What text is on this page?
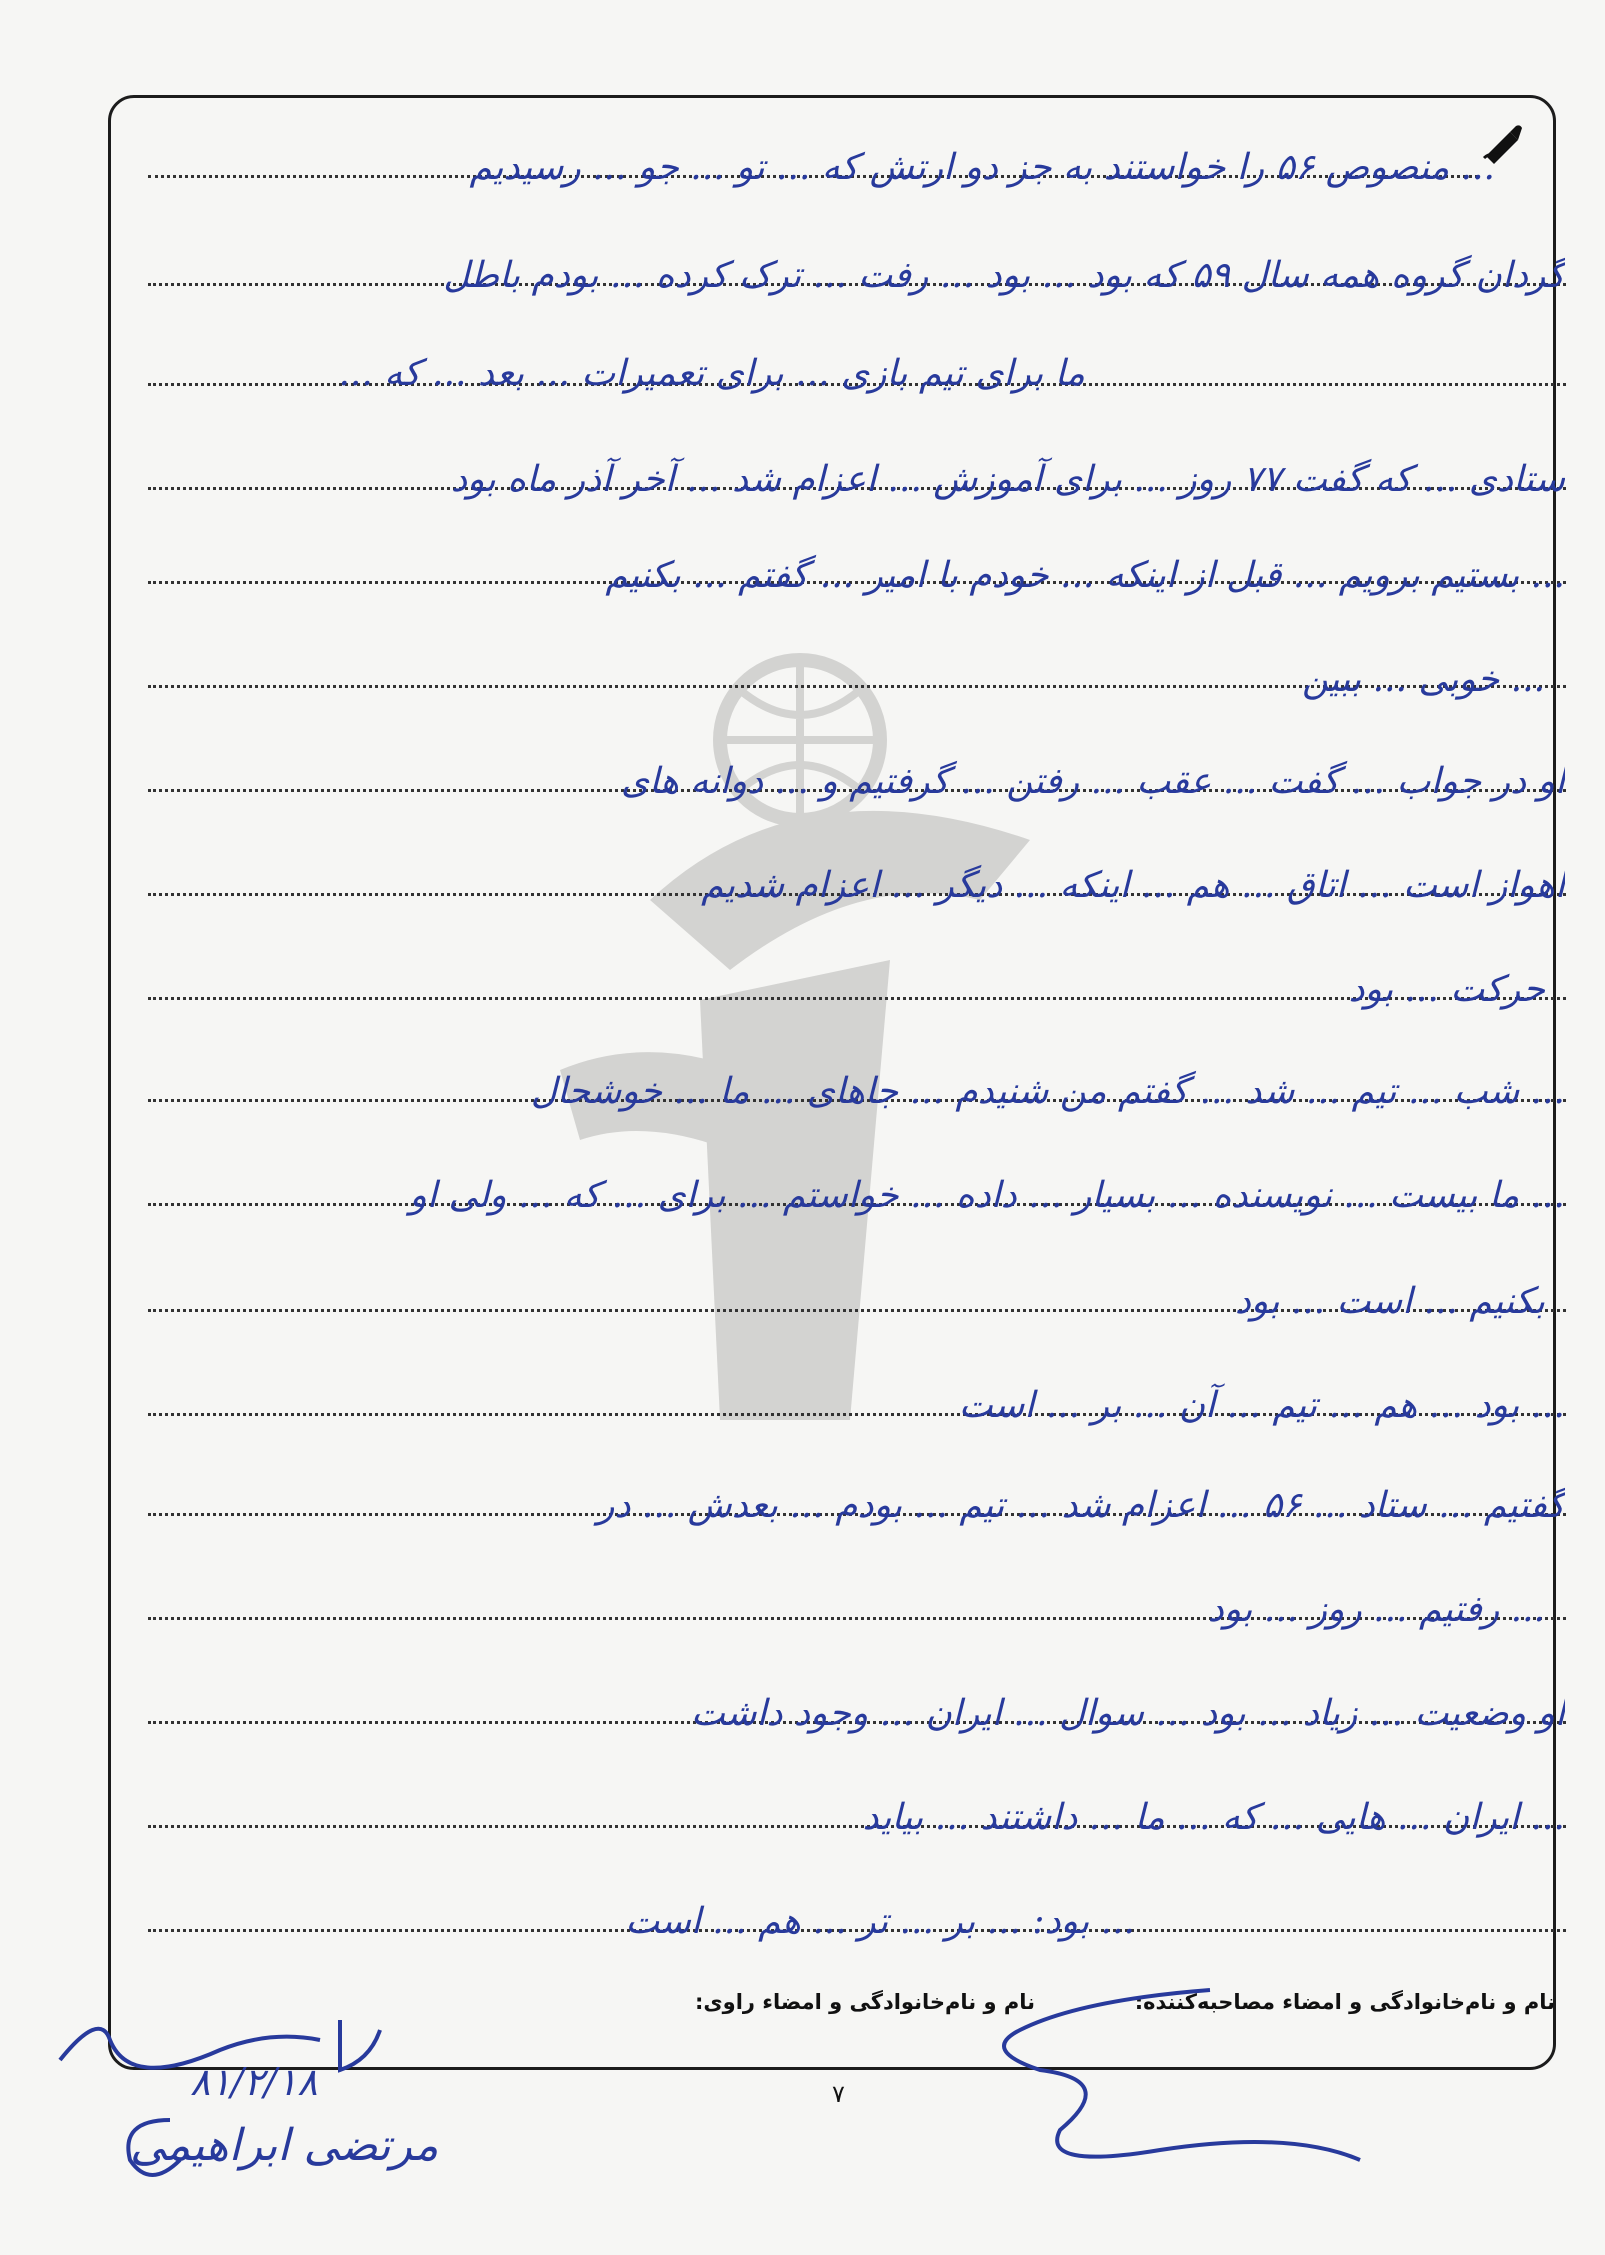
... منصوص ۵۶ را خواستند به جز دو ارتش که ... تو ... جو ... رسیدیم
گردان گروه همه سال ۵۹ که بود ... بود ... رفت ... ترک کرده ... بودم باطل
ما برای تیم بازی ... برای تعمیرات ... بعد ... که ...
ستادی ... که گفت ۷۷ روز ... برای آموزش ... اعزام شد ... آخر آذر ماه بود
... بستیم برویم ... قبل از اینکه ... خودم با امیر ... گفتم ... بکنیم
... خوبی ... ببین
او در جواب ... گفت ... عقب ... رفتن ... گرفتیم و ... دوانه های
اهواز است ... اتاق ... هم ... اینکه ... دیگر ... اعزام شدیم
حرکت ... بود
... شب ... تیم ... شد ... گفتم من شنیدم ... جاهای ... ما ... خوشحال
... ما بیست ... نویسنده ... بسیار ... داده ... خواستم ... برای ... که ... ولی او
بکنیم ... است ... بود
... بود ... هم ... تیم ... آن ... بر ... است
گفتیم ... ستاد ... ۵۶ ... اعزام شد ... تیم ... بودم ... بعدش ... در
... رفتیم ... روز ... بود
او وضعیت ... زیاد ... بود ... سوال ... ایران ... وجود داشت
... ایران ... هایی ... که ... ما ... داشتند ... بیاید
... بود: ... بر ... تر ... هم ... است
نام و نام‌خانوادگی و امضاء مصاحبه‌کننده:
نام و نام‌خانوادگی و امضاء راوی:
۷
۸۱/۲/۱۸
مرتضی ابراهیمی
